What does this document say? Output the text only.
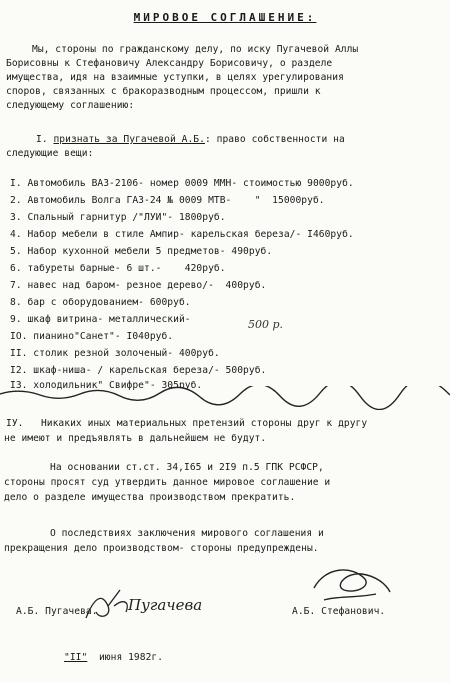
МИРОВОЕ СОГЛАШЕНИЕ:
Мы, стороны по гражданскому делу, по иску Пугачевой Аллы
Борисовны к Стефановичу Александру Борисовичу, о разделе
имущества, идя на взаимные уступки, в целях урегулирования
споров, связанных с бракоразводным процессом, пришли к
следующему соглашению:
I. признать за Пугачевой А.Б.: право собственности на
следующие вещи:
I. Автомобиль ВАЗ-2106- номер 0009 ММН- стоимостью 9000руб.
2. Автомобиль Волга ГАЗ-24 № 0009 МТВ-    "  15000руб.
3. Спальный гарнитур /"ЛУИ"- 1800руб.
4. Набор мебели в стиле Ампир- карельская береза/- I460руб.
5. Набор кухонной мебели 5 предметов- 490руб.
6. табуреты барные- 6 шт.-    420руб.
7. навес над баром- резное дерево/-  400руб.
8. бар с оборудованием- 600руб.
9. шкаф витрина- металлический-	500 р.
IO. пианино"Санет"- I040руб.
II. столик резной золоченый- 400руб.
I2. шкаф-ниша- / карельская береза/- 500руб.
I3. холодильник" Свифре"- 305руб.
IУ.   Никаких иных материальных претензий стороны друг к другу
не имеют и предъявлять в дальнейшем не будут.
На основании ст.ст. 34,I65 и 2I9 п.5 ГПК РСФСР,
стороны просят суд утвердить данное мировое соглашение и
дело о разделе имущества производством прекратить.
О последствиях заключения мирового соглашения и
прекращения дело производством- стороны предупреждены.
А.Б. Пугачева. Пугачева	А.Б. Стефанович.
"II" июня 1982г.
